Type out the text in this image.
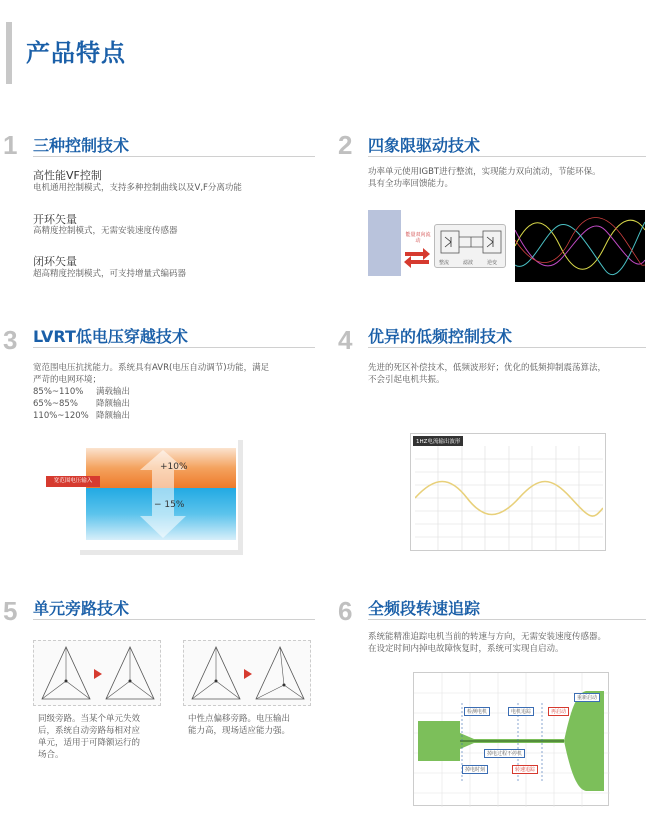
产品特点
1 三种控制技术
高性能VF控制
电机通用控制模式，支持多种控制曲线以及V,F分离功能
开环矢量
高精度控制模式，无需安装速度传感器
闭环矢量
超高精度控制模式，可支持增量式编码器
2 四象限驱动技术
功率单元使用IGBT进行整流，实现能力双向流动，节能环保。
具有全功率回馈能力。
能量双向流动
整流	滤波	逆变
3 LVRT低电压穿越技术
宽范围电压抗扰能力。系统具有AVR(电压自动调节)功能，满足
严苛的电网环境；
85%~110%	满载输出
65%~85%	降额输出
110%~120% 降额输出
+10%
− 15%
宽范围电压输入
4 优异的低频控制技术
先进的死区补偿技术，低频波形好；优化的低频抑制震荡算法，
不会引起电机共振。
1HZ电流输出波形
5 单元旁路技术
同级旁路。当某个单元失效
后，系统自动旁路每相对应
单元，适用于可降额运行的
场合。
中性点偏移旁路。电压输出
能力高，现场适应能力强。
6 全频段转速追踪
系统能精准追踪电机当前的转速与方向，无需安装速度传感器。
在设定时间内掉电故障恢复时，系统可实现自启动。
检测电机	电机追踪	再启动
重新启动
掉电过程不停机
掉电时刻	转速追踪
